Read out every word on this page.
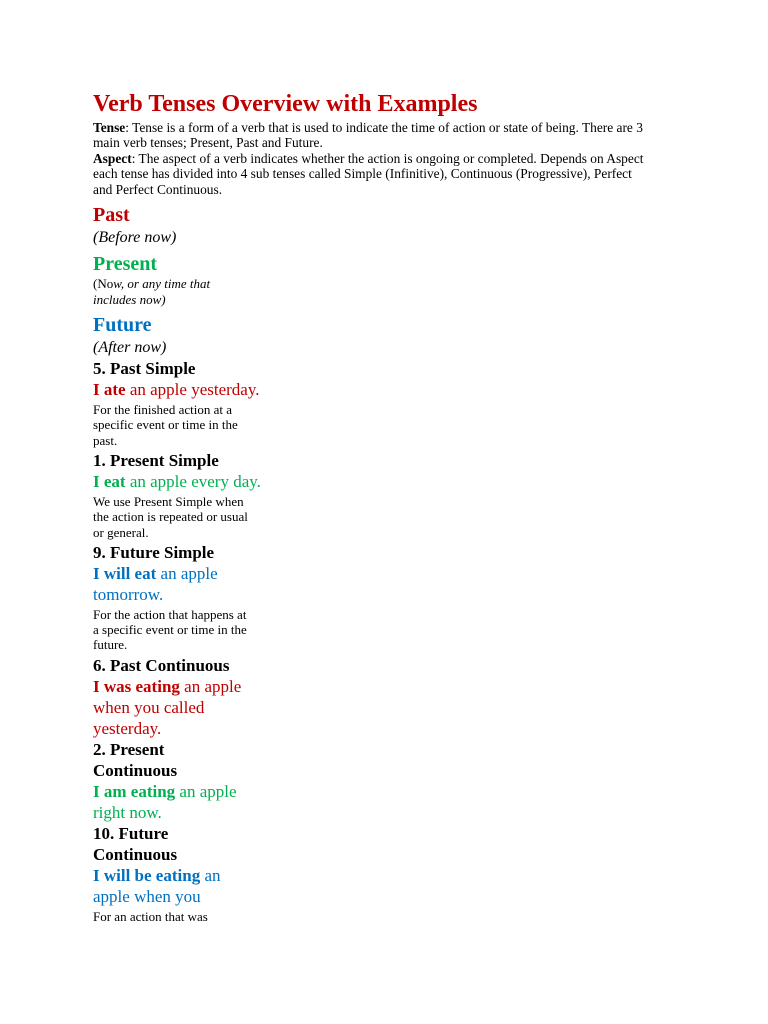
Verb Tenses Overview with Examples

Tense: Tense is a form of a verb that is used to indicate the time of action or state of being. There are 3 main verb tenses; Present, Past and Future.

Aspect: The aspect of a verb indicates whether the action is ongoing or completed. Depends on Aspect each tense has divided into 4 sub tenses called Simple (Infinitive), Continuous (Progressive), Perfect and Perfect Continuous.

Past
(Before now)
Present
(Now, or any time that includes now)
Future
(After now)
5. Past Simple
I ate an apple yesterday.
For the finished action at a specific event or time in the past.
1. Present Simple
I eat an apple every day.
We use Present Simple when the action is repeated or usual or general.
9. Future Simple
I will eat an apple tomorrow.
For the action that happens at a specific event or time in the future.
6. Past Continuous
I was eating an apple when you called yesterday.
2. Present Continuous
I am eating an apple right now.
10. Future Continuous
I will be eating an apple when you
For an action that was
